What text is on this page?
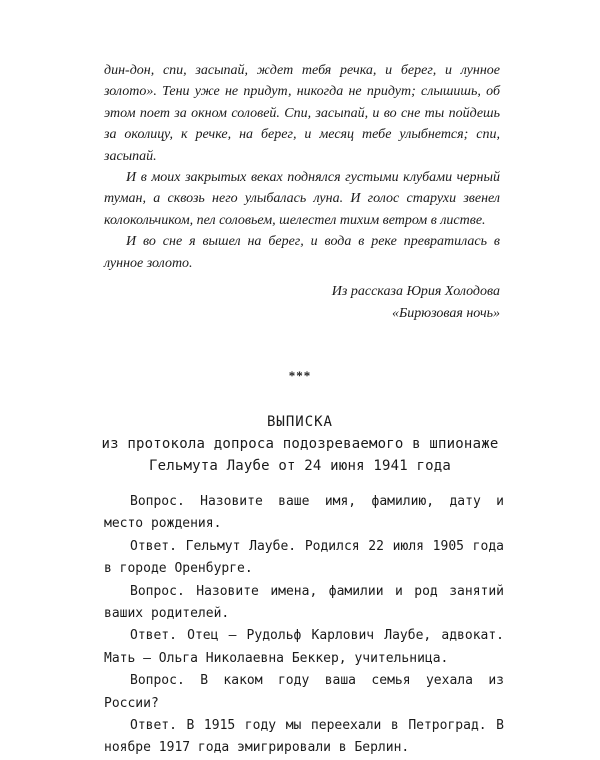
дин-дон, спи, засыпай, ждет тебя речка, и берег, и лунное золото». Тени уже не придут, никогда не придут; слышишь, об этом поет за окном соловей. Спи, засыпай, и во сне ты пойдешь за околицу, к речке, на берег, и месяц тебе улыбнется; спи, засыпай.

И в моих закрытых веках поднялся густыми клубами черный туман, а сквозь него улыбалась луна. И голос старухи звенел колокольчиком, пел соловьем, шелестел тихим ветром в листве.

И во сне я вышел на берег, и вода в реке превратилась в лунное золото.

Из рассказа Юрия Холодова
«Бирюзовая ночь»
***
ВЫПИСКА
из протокола допроса подозреваемого в шпионаже
Гельмута Лаубе от 24 июня 1941 года

Вопрос. Назовите ваше имя, фамилию, дату и место рождения.

Ответ. Гельмут Лаубе. Родился 22 июля 1905 года в городе Оренбурге.

Вопрос. Назовите имена, фамилии и род занятий ваших родителей.

Ответ. Отец – Рудольф Карлович Лаубе, адвокат. Мать – Ольга Николаевна Беккер, учительница.

Вопрос. В каком году ваша семья уехала из России?

Ответ. В 1915 году мы переехали в Петроград. В ноябре 1917 года эмигрировали в Берлин.
